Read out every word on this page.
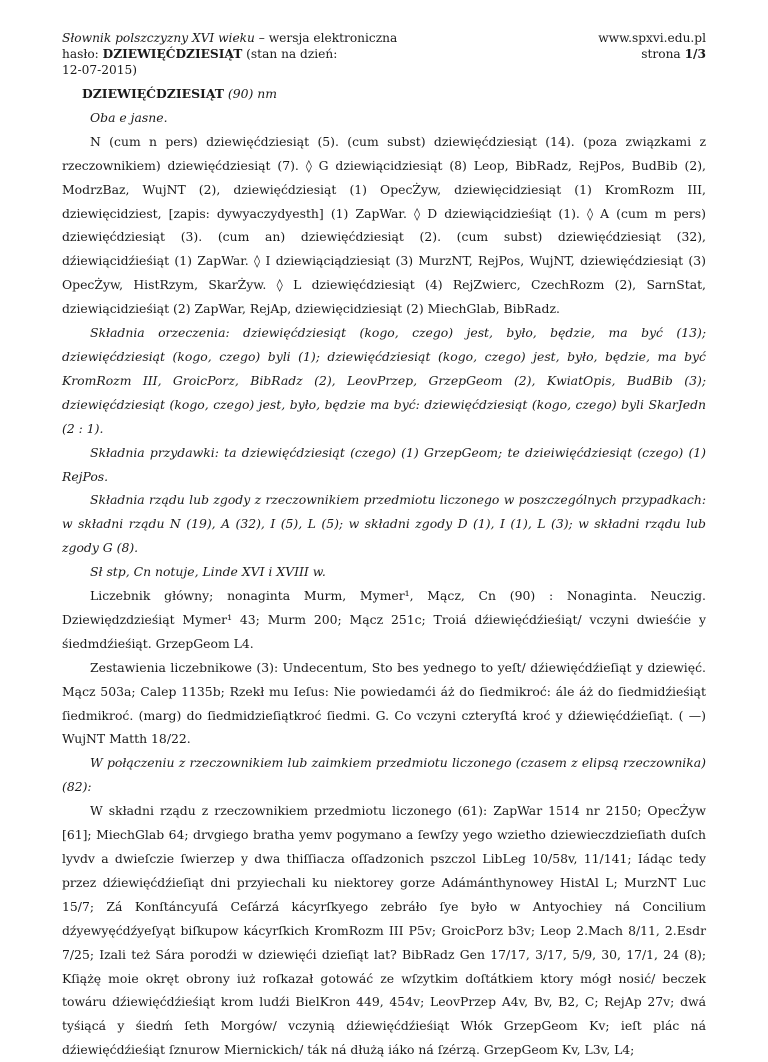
Słownik polszczyzny XVI wieku – wersja elektroniczna
hasło: DZIEWIĘĆDZIESIĄT (stan na dzień:
12-07-2015)
www.spxvi.edu.pl
strona 1/3

DZIEWIĘĆDZIESIĄT (90) nm

Oba e jasne.

N (cum n pers) dziewięćdziesiąt (5). (cum subst) dziewięćdziesiąt (14). (poza związkami z rzeczownikiem) dziewięćdziesiąt (7). ◊ G dziewiącidziesiąt (8) Leop, BibRadz, RejPos, BudBib (2), ModrzBaz, WujNT (2), dziewięćdziesiąt (1) OpecŻyw, dziewięcidziesiąt (1) KromRozm III, dziewięcidziest, [zapis: dywyaczydyesth] (1) ZapWar. ◊ D dziewiącidzieśiąt (1). ◊ A (cum m pers) dziewięćdziesiąt (3). (cum an) dziewięćdziesiąt (2). (cum subst) dziewięćdziesiąt (32), dźiewiącidźieśiąt (1) ZapWar. ◊ I dziewiąciądziesiąt (3) MurzNT, RejPos, WujNT, dziewięćdziesiąt (3) OpecŻyw, HistRzym, SkarŻyw. ◊ L dziewięćdziesiąt (4) RejZwierc, CzechRozm (2), SarnStat, dziewiącidzieśiąt (2) ZapWar, RejAp, dziewięcidziesiąt (2) MiechGlab, BibRadz.

Składnia orzeczenia: dziewięćdziesiąt (kogo, czego) jest, było, będzie, ma być (13); dziewięćdziesiąt (kogo, czego) byli (1); dziewięćdziesiąt (kogo, czego) jest, było, będzie, ma być KromRozm III, GroicPorz, BibRadz (2), LeovPrzep, GrzepGeom (2), KwiatOpis, BudBib (3); dziewięćdziesiąt (kogo, czego) jest, było, będzie ma być: dziewięćdziesiąt (kogo, czego) byli SkarJedn (2 : 1).

Składnia przydawki: ta dziewięćdziesiąt (czego) (1) GrzepGeom; te dzieiwięćdziesiąt (czego) (1) RejPos.

Składnia rządu lub zgody z rzeczownikiem przedmiotu liczonego w poszczególnych przypadkach: w składni rządu N (19), A (32), I (5), L (5); w składni zgody D (1), I (1), L (3); w składni rządu lub zgody G (8).

Sł stp, Cn notuje, Linde XVI i XVIII w.

Liczebnik główny; nonaginta Murm, Mymer¹, Mącz, Cn (90) : Nonaginta. Neuczig. Dziewiędzdzieśiąt Mymer¹ 43; Murm 200; Mącz 251c; Troiá dźiewięćdźieśiąt/ vczyni dwieśćie y śiedmdźieśiąt. GrzepGeom L4.

Zestawienia liczebnikowe (3): Undecentum, Sto bes yednego to yeſt/ dźiewięćdźieſiąt y dziewięć. Mącz 503a; Calep 1135b; Rzekł mu Ieſus: Nie powiedamći áż do ſiedmikroć: ále áż do ſiedmidźieśiąt ſiedmikroć. (marg) do ſiedmidzieſiątkroć ſiedmi. G. Co vczyni czteryſtá kroć y dźiewięćdźieſiąt. ( —) WujNT Matth 18/22.

W połączeniu z rzeczownikiem lub zaimkiem przedmiotu liczonego (czasem z elipsą rzeczownika) (82):

W składni rządu z rzeczownikiem przedmiotu liczonego (61): ZapWar 1514 nr 2150; OpecŻyw [61]; MiechGlab 64; drvgiego bratha yemv pogymano a ſewſzy yego wzietho dziewieczdzieſiath duſch lyvdv a dwieſczie ſwierzep y dwa thiſſiacza oſſadzonich pszczol LibLeg 10/58v, 11/141; Iádąc tedy przez dźiewięćdźieſiąt dni przyiechali ku niektorey gorze Adámánthynowey HistAl L; MurzNT Luc 15/7; Zá Konſtáncyuſá Ceſárzá kácyrſkyego zebráło ſye było w Antyochiey ná Concilium dźyewyęćdźyeſyąt biſkupow kácyrſkich KromRozm III P5v; GroicPorz b3v; Leop 2.Mach 8/11, 2.Esdr 7/25; Izali też Sára porodźi w dziewięći dzieſiąt lat? BibRadz Gen 17/17, 3/17, 5/9, 30, 17/1, 24 (8); Kſiążę moie okręt obrony iuż roſkazał gotowáć ze wſzytkim doſtátkiem ktory mógł nosić/ beczek towáru dźiewięćdźieśiąt krom ludźi BielKron 449, 454v; LeovPrzep A4v, Bv, B2, C; RejAp 27v; dwá tyśiącá y śiedḿ ſeth Morgów/ vczynią dźiewięćdźieśiąt Włók GrzepGeom Kv; ieſt plác ná dźiewięćdźieśiąt ſznurow Miernickich/ ták ná dłużą iáko ná ſzérzą. GrzepGeom Kv, L3v, L4;
